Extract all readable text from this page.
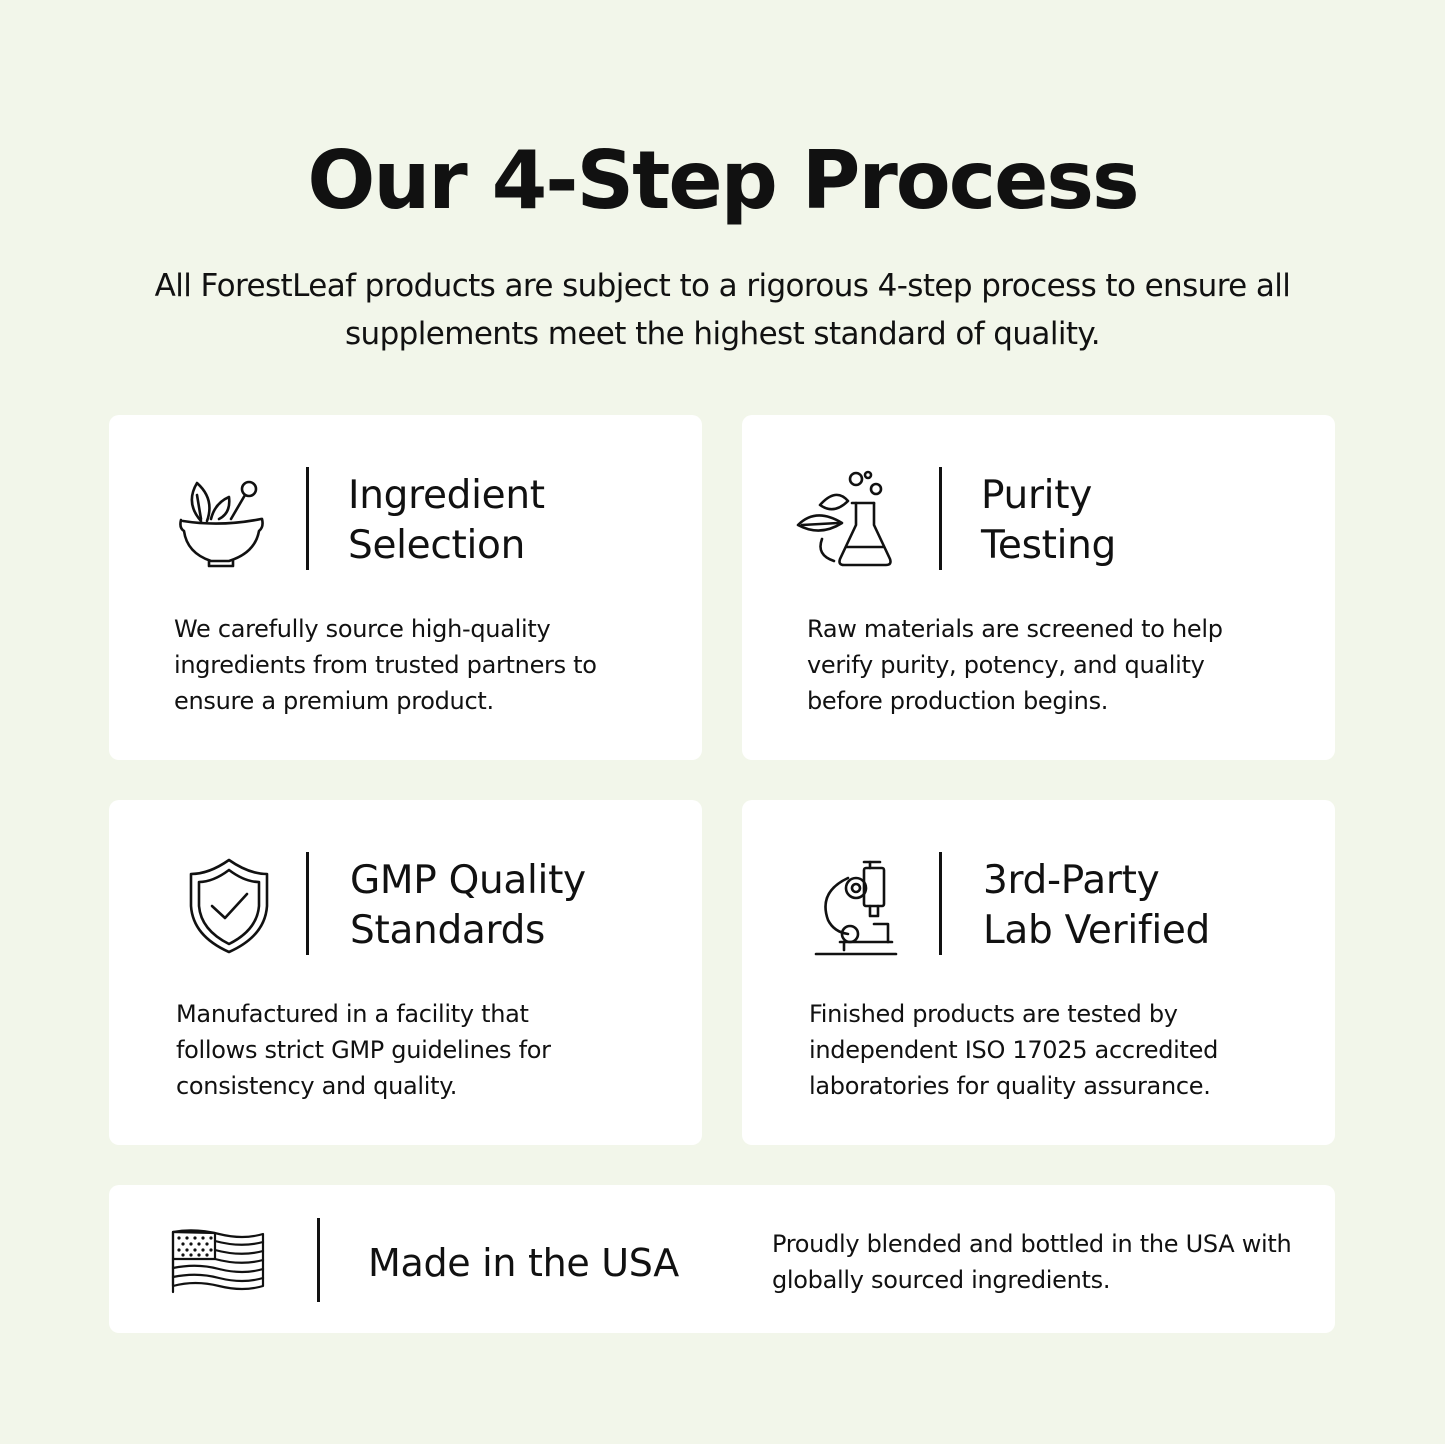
Our 4-Step Process

All ForestLeaf products are subject to a rigorous 4-step process to ensure all supplements meet the highest standard of quality.

Ingredient
Selection

We carefully source high-quality ingredients from trusted partners to ensure a premium product.

Purity
Testing

Raw materials are screened to help verify purity, potency, and quality before production begins.

GMP Quality
Standards

Manufactured in a facility that follows strict GMP guidelines for consistency and quality.

3rd-Party
Lab Verified

Finished products are tested by independent ISO 17025 accredited laboratories for quality assurance.

Made in the USA	Proudly blended and bottled in the USA with globally sourced ingredients.
